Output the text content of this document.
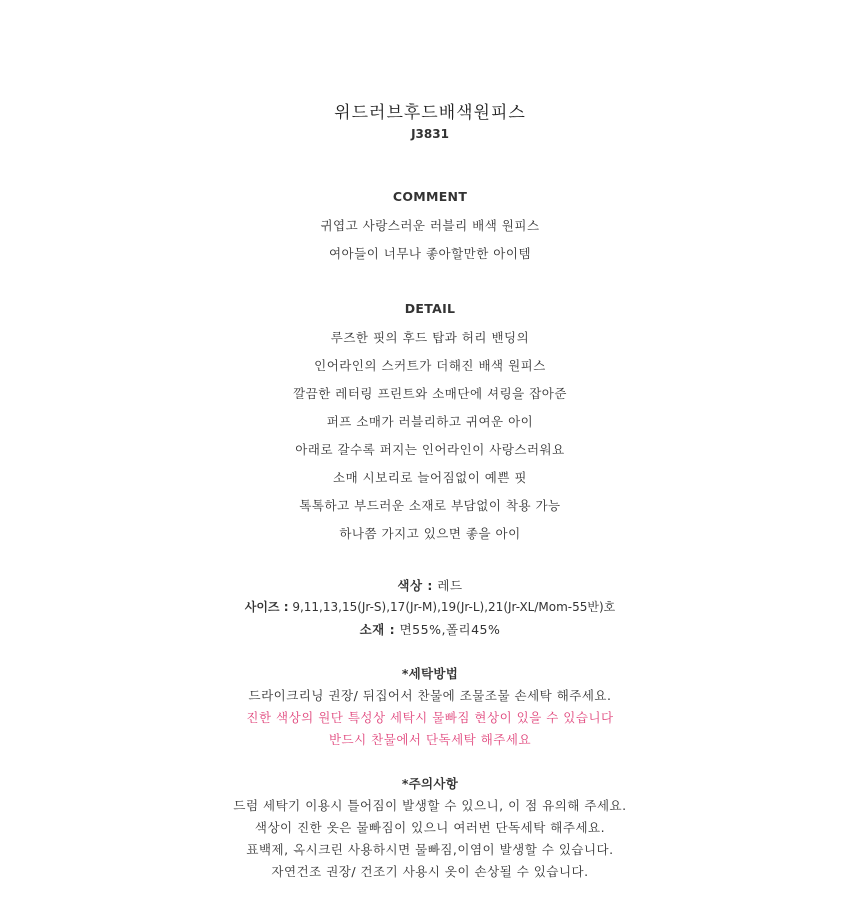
위드러브후드배색원피스
J3831
COMMENT
귀엽고 사랑스러운 러블리 배색 원피스
여아들이 너무나 좋아할만한 아이템
DETAIL
루즈한 핏의 후드 탑과 허리 밴딩의
인어라인의 스커트가 더해진 배색 원피스
깔끔한 레터링 프린트와 소매단에 셔링을 잡아준
퍼프 소매가 러블리하고 귀여운 아이
아래로 갈수록 퍼지는 인어라인이 사랑스러워요
소매 시보리로 늘어짐없이 예쁜 핏
톡톡하고 부드러운 소재로 부담없이 착용 가능
하나쯤 가지고 있으면 좋을 아이
색상 : 레드
사이즈 : 9,11,13,15(Jr-S),17(Jr-M),19(Jr-L),21(Jr-XL/Mom-55반)호
소재 : 면55%,폴리45%
*세탁방법
드라이크리닝 권장/ 뒤집어서 찬물에 조물조물 손세탁 해주세요.
진한 색상의 원단 특성상 세탁시 물빠짐 현상이 있을 수 있습니다
반드시 찬물에서 단독세탁 해주세요
*주의사항
드럼 세탁기 이용시 틀어짐이 발생할 수 있으니, 이 점 유의해 주세요.
색상이 진한 옷은 물빠짐이 있으니 여러번 단독세탁 해주세요.
표백제, 옥시크린 사용하시면 물빠짐,이염이 발생할 수 있습니다.
자연건조 권장/ 건조기 사용시 옷이 손상될 수 있습니다.
